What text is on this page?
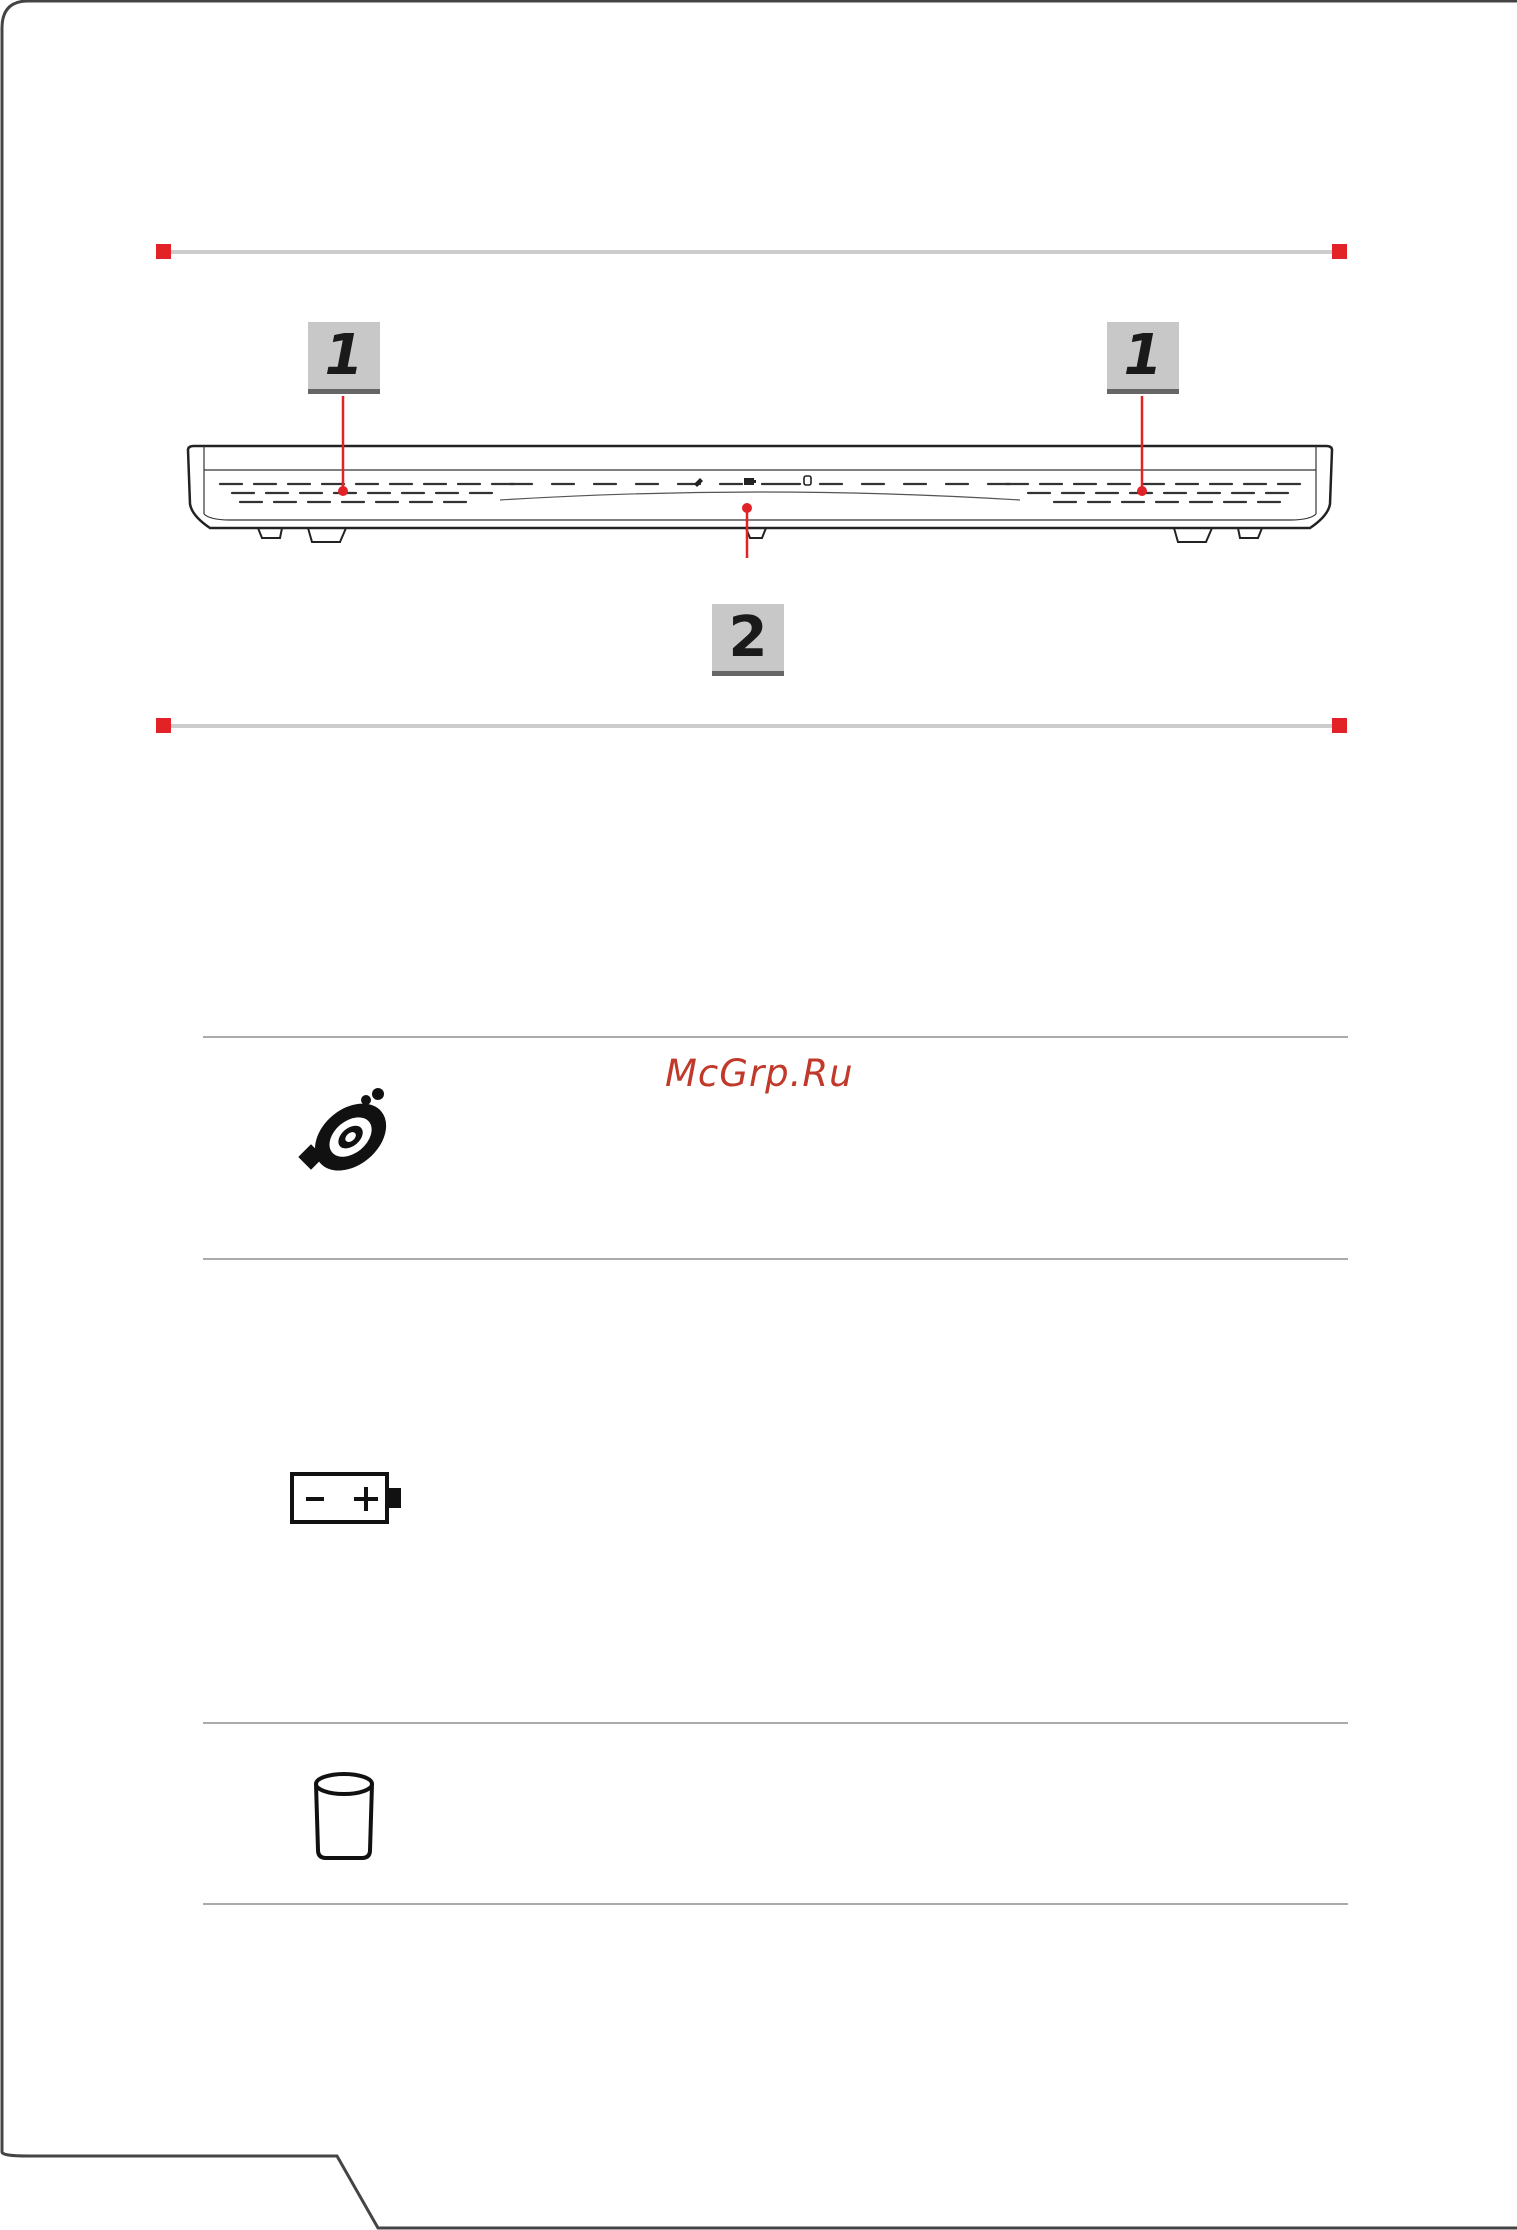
1	1
2
McGrp.Ru
